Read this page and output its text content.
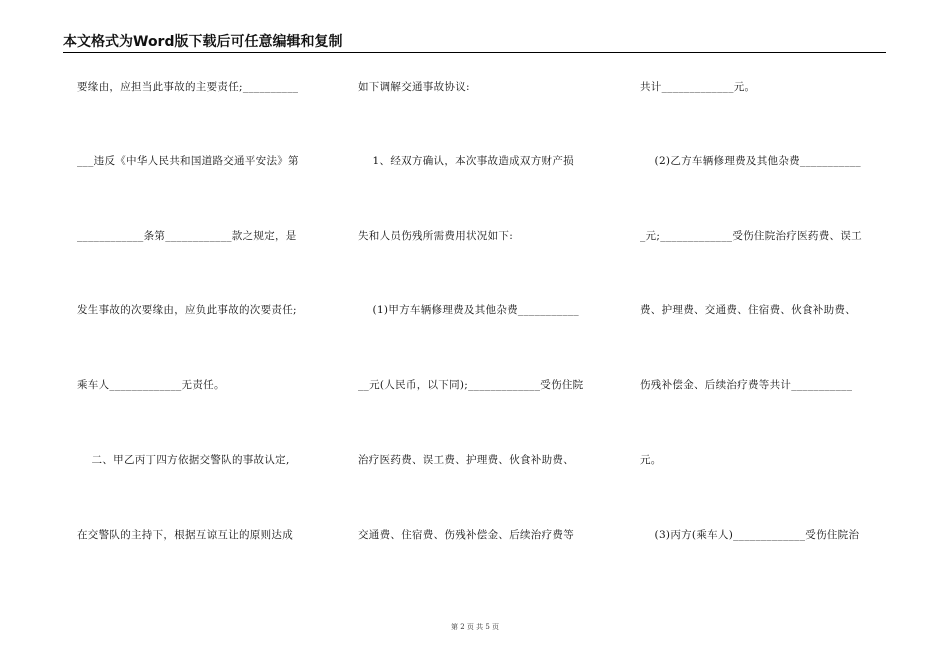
本文格式为Word版下载后可任意编辑和复制
要缘由，应担当此事故的主要责任;__________
___违反《中华人民共和国道路交通平安法》第
____________条第____________款之规定，是
发生事故的次要缘由，应负此事故的次要责任;
乘车人_____________无责任。
二、甲乙丙丁四方依据交警队的事故认定,
在交警队的主持下，根据互谅互让的原则达成
如下调解交通事故协议:
1、经双方确认，本次事故造成双方财产损
失和人员伤残所需费用状况如下:
(1)甲方车辆修理费及其他杂费___________
__元(人民币，以下同);_____________受伤住院
治疗医药费、误工费、护理费、伙食补助费、
交通费、住宿费、伤残补偿金、后续治疗费等
共计_____________元。
(2)乙方车辆修理费及其他杂费___________
_元;_____________受伤住院治疗医药费、误工
费、护理费、交通费、住宿费、伙食补助费、
伤残补偿金、后续治疗费等共计___________
元。
(3)丙方(乘车人)_____________受伤住院治
第 2 页 共 5 页
